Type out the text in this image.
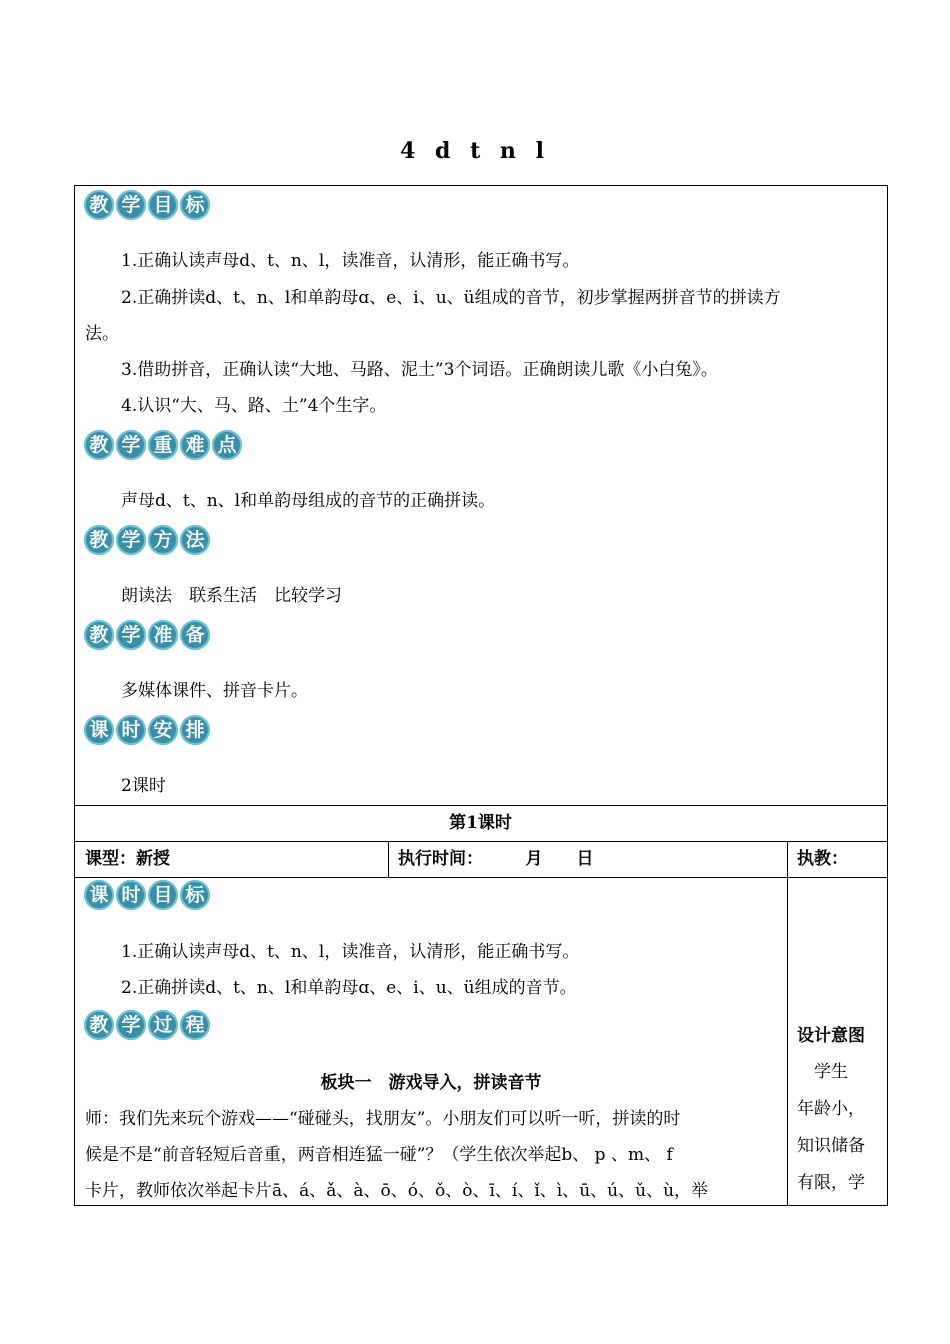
4 d t n l
教 学 目 标
1.正确认读声母d、t、n、l，读准音，认清形，能正确书写。
2.正确拼读d、t、n、l和单韵母ɑ、e、i、u、ü组成的音节，初步掌握两拼音节的拼读方
法。
3.借助拼音，正确认读“大地、马路、泥土”3个词语。正确朗读儿歌《小白兔》。
4.认识“大、马、路、土”4个生字。
教 学 重 难 点
声母d、t、n、l和单韵母组成的音节的正确拼读。
教 学 方 法
朗读法　联系生活　比较学习
教 学 准 备
多媒体课件、拼音卡片。
课 时 安 排
2课时
第1课时
课型：新授	执行时间：　　　月　　日	执教：
课 时 目 标
1.正确认读声母d、t、n、l，读准音，认清形，能正确书写。
2.正确拼读d、t、n、l和单韵母ɑ、e、i、u、ü组成的音节。
教 学 过 程
板块一　游戏导入，拼读音节
师：我们先来玩个游戏——“碰碰头，找朋友”。小朋友们可以听一听，拼读的时
候是不是“前音轻短后音重，两音相连猛一碰”？（学生依次举起b、 p 、m、 f
卡片，教师依次举起卡片ā、á、ǎ、à、ō、ó、ǒ、ò、ī、í、ǐ、ì、ū、ú、ǔ、ù，举
设计意图
　学生
年龄小，
知识储备
有限，学
